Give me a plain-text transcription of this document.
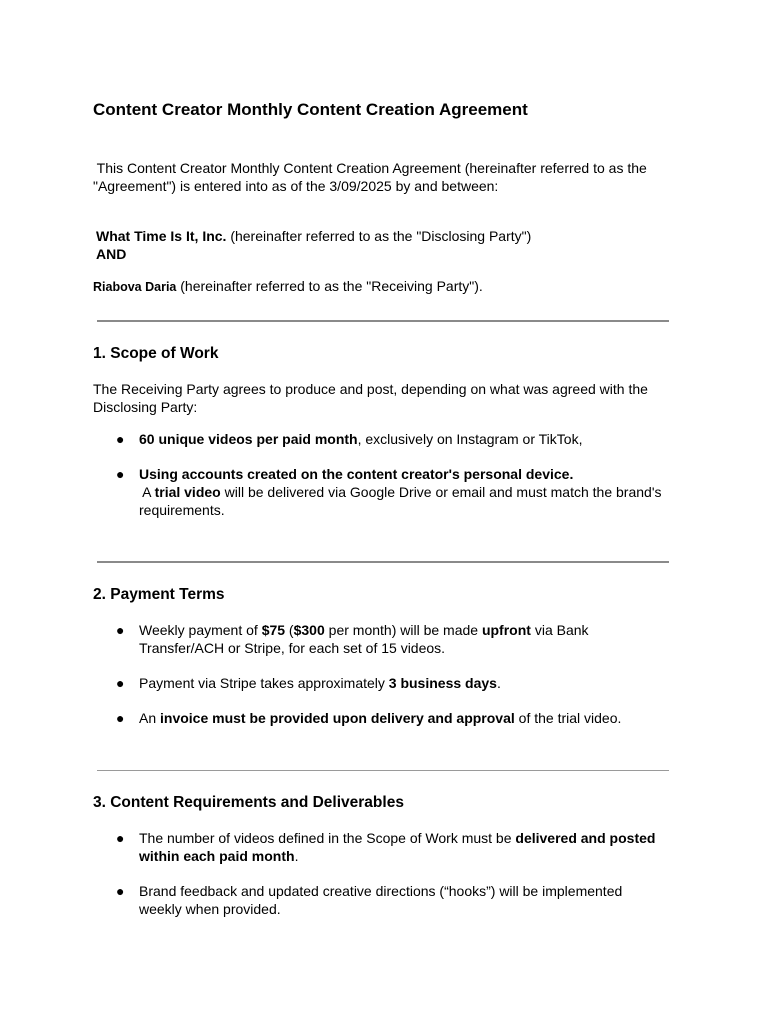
Content Creator Monthly Content Creation Agreement
This Content Creator Monthly Content Creation Agreement (hereinafter referred to as the
"Agreement") is entered into as of the 3/09/2025 by and between:
What Time Is It, Inc. (hereinafter referred to as the "Disclosing Party")
AND
Riabova Daria (hereinafter referred to as the "Receiving Party").
1. Scope of Work
The Receiving Party agrees to produce and post, depending on what was agreed with the
Disclosing Party:
● 60 unique videos per paid month, exclusively on Instagram or TikTok,
● Using accounts created on the content creator's personal device.
A trial video will be delivered via Google Drive or email and must match the brand's
requirements.
2. Payment Terms
● Weekly payment of $75 ($300 per month) will be made upfront via Bank
Transfer/ACH or Stripe, for each set of 15 videos.
● Payment via Stripe takes approximately 3 business days.
● An invoice must be provided upon delivery and approval of the trial video.
3. Content Requirements and Deliverables
● The number of videos defined in the Scope of Work must be delivered and posted
within each paid month.
● Brand feedback and updated creative directions (“hooks”) will be implemented
weekly when provided.
